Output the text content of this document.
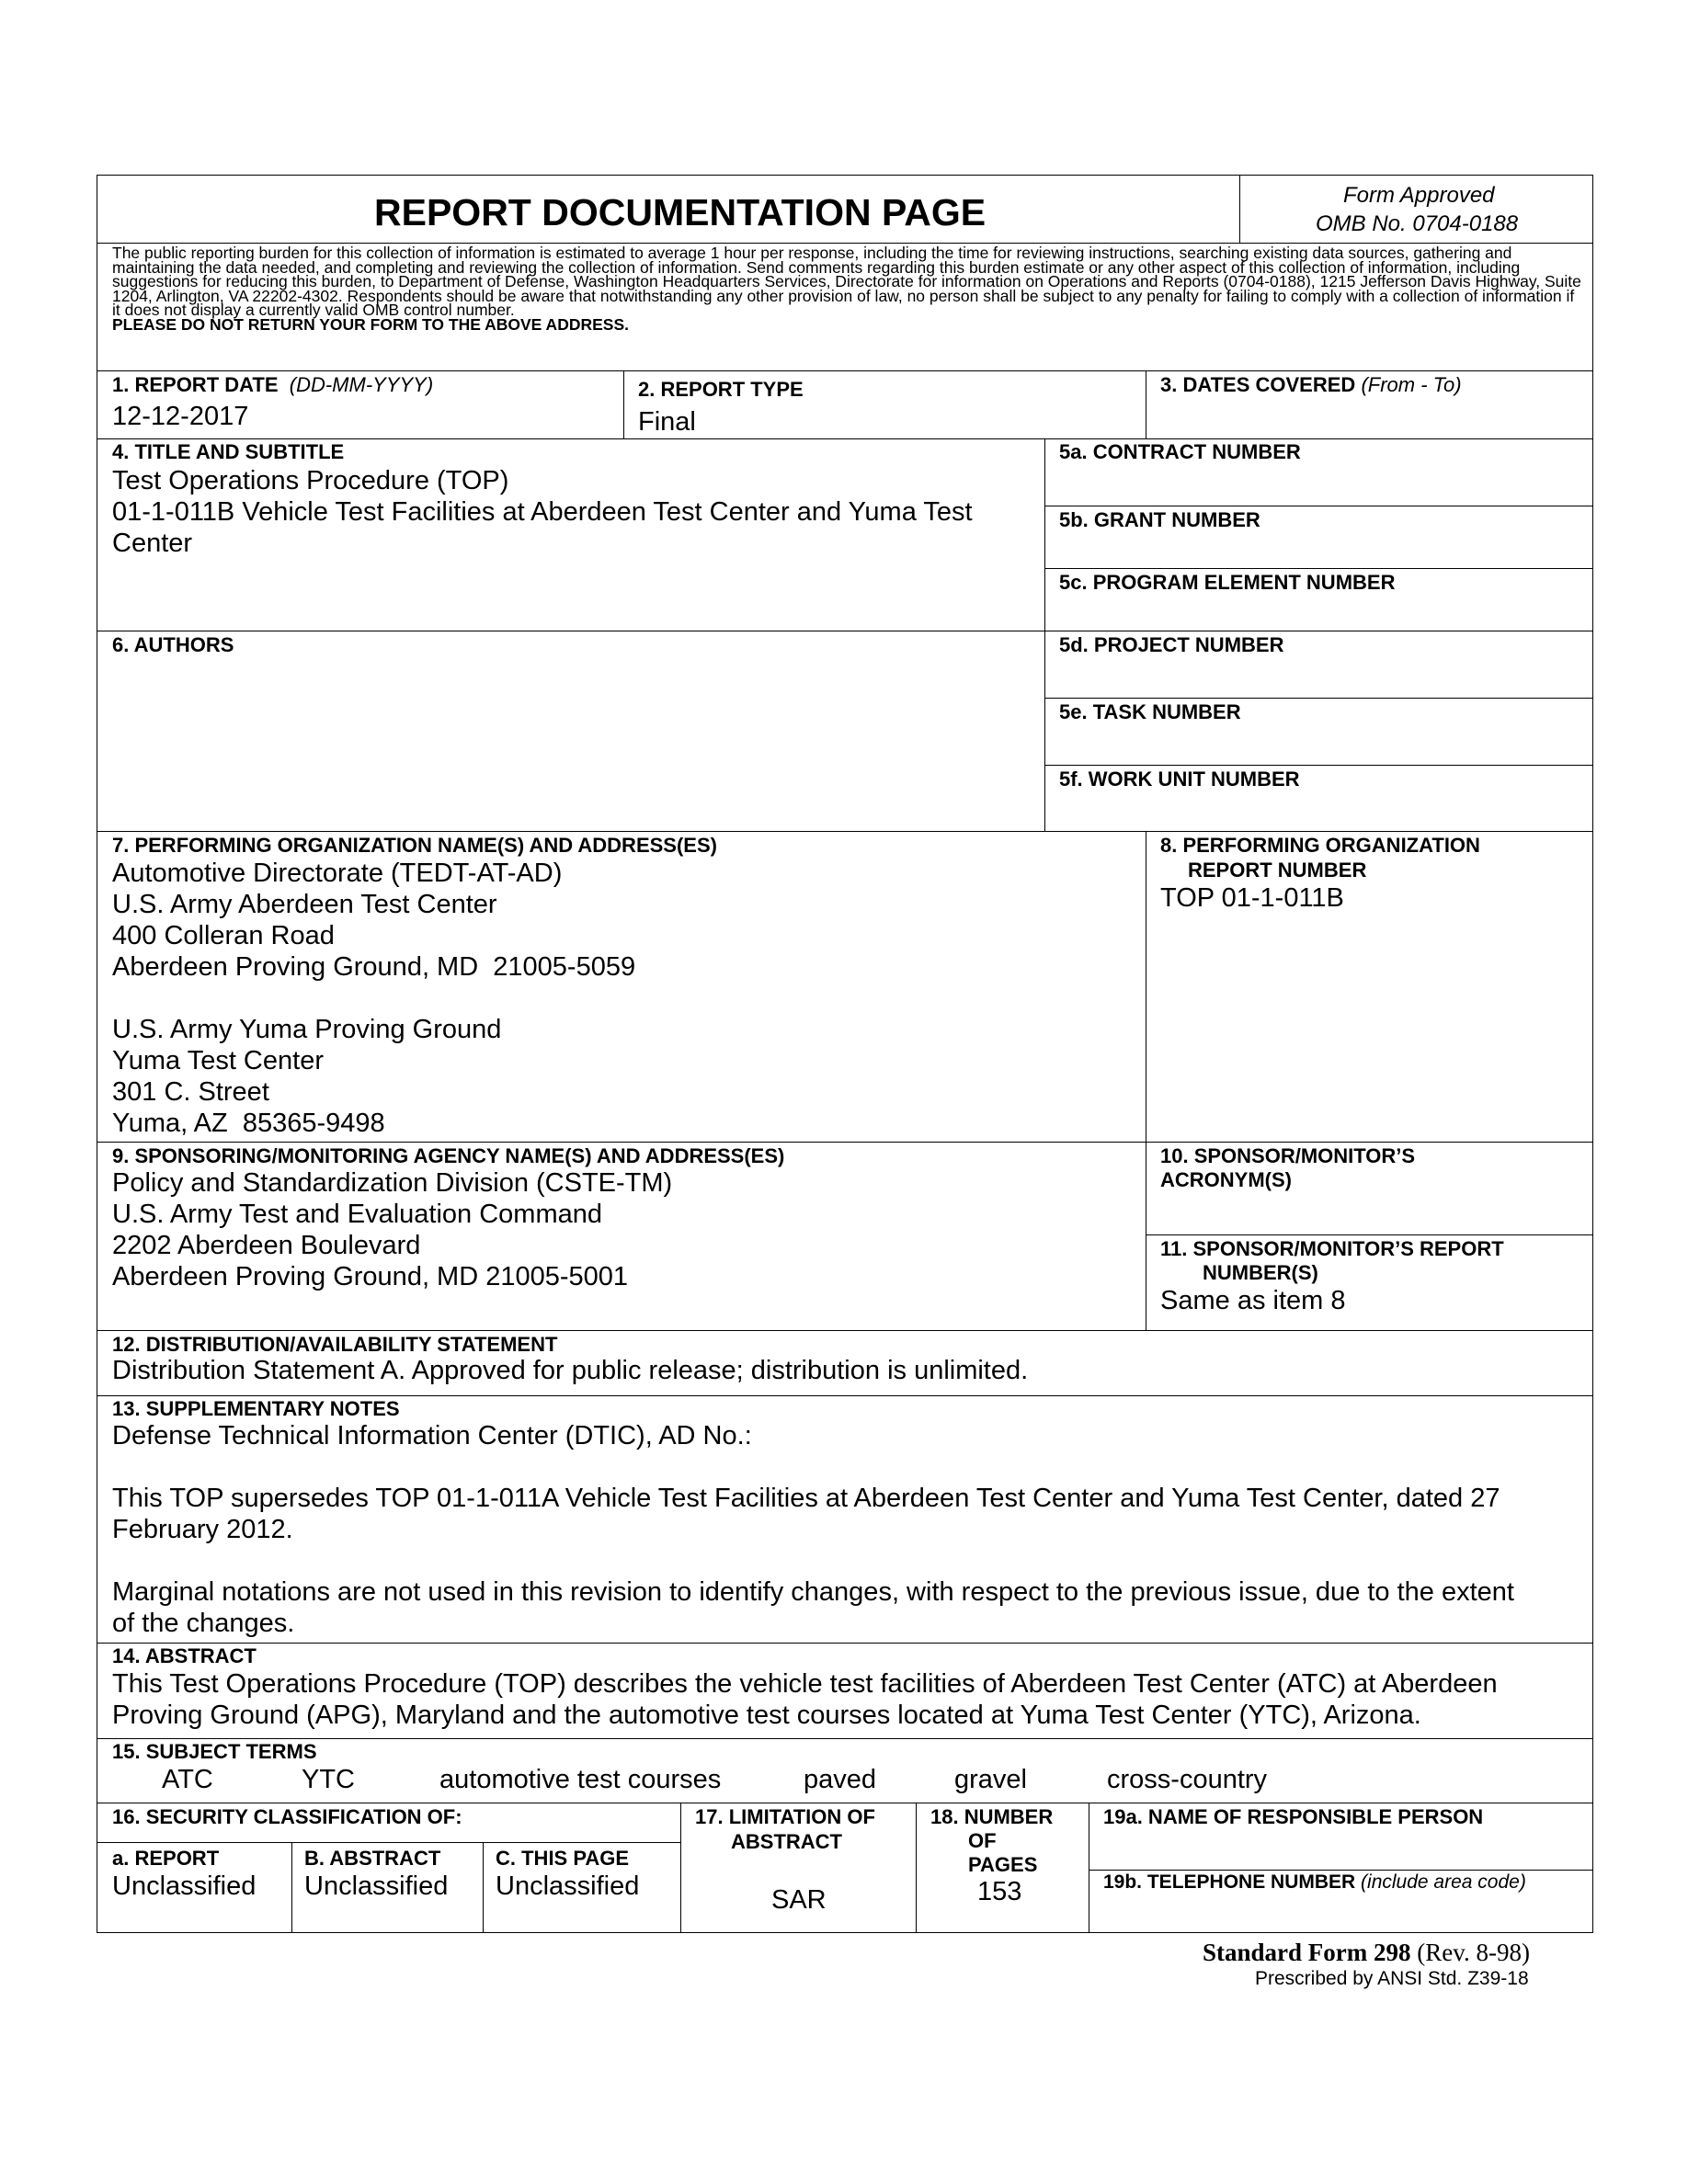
REPORT DOCUMENTATION PAGE	Form Approved
OMB No. 0704-0188
The public reporting burden for this collection of information is estimated to average 1 hour per response, including the time for reviewing instructions, searching existing data sources, gathering and maintaining the data needed, and completing and reviewing the collection of information. Send comments regarding this burden estimate or any other aspect of this collection of information, including suggestions for reducing this burden, to Department of Defense, Washington Headquarters Services, Directorate for information on Operations and Reports (0704-0188), 1215 Jefferson Davis Highway, Suite 1204, Arlington, VA 22202-4302. Respondents should be aware that notwithstanding any other provision of law, no person shall be subject to any penalty for failing to comply with a collection of information if it does not display a currently valid OMB control number.
PLEASE DO NOT RETURN YOUR FORM TO THE ABOVE ADDRESS.
1. REPORT DATE (DD-MM-YYYY)
12-12-2017
2. REPORT TYPE
Final
3. DATES COVERED (From - To)
4. TITLE AND SUBTITLE
Test Operations Procedure (TOP)
01-1-011B Vehicle Test Facilities at Aberdeen Test Center and Yuma Test
Center
5a. CONTRACT NUMBER
5b. GRANT NUMBER
5c. PROGRAM ELEMENT NUMBER
6. AUTHORS	5d. PROJECT NUMBER
5e. TASK NUMBER
5f. WORK UNIT NUMBER
7. PERFORMING ORGANIZATION NAME(S) AND ADDRESS(ES)
Automotive Directorate (TEDT-AT-AD)
U.S. Army Aberdeen Test Center
400 Colleran Road
Aberdeen Proving Ground, MD  21005-5059
U.S. Army Yuma Proving Ground
Yuma Test Center
301 C. Street
Yuma, AZ  85365-9498
8. PERFORMING ORGANIZATION
REPORT NUMBER
TOP 01-1-011B
9. SPONSORING/MONITORING AGENCY NAME(S) AND ADDRESS(ES)
Policy and Standardization Division (CSTE-TM)
U.S. Army Test and Evaluation Command
2202 Aberdeen Boulevard
Aberdeen Proving Ground, MD 21005-5001
10. SPONSOR/MONITOR’S
ACRONYM(S)
11. SPONSOR/MONITOR’S REPORT
NUMBER(S)
Same as item 8
12. DISTRIBUTION/AVAILABILITY STATEMENT
Distribution Statement A. Approved for public release; distribution is unlimited.
13. SUPPLEMENTARY NOTES
Defense Technical Information Center (DTIC), AD No.:
This TOP supersedes TOP 01-1-011A Vehicle Test Facilities at Aberdeen Test Center and Yuma Test Center, dated 27
February 2012.
Marginal notations are not used in this revision to identify changes, with respect to the previous issue, due to the extent
of the changes.
14. ABSTRACT
This Test Operations Procedure (TOP) describes the vehicle test facilities of Aberdeen Test Center (ATC) at Aberdeen
Proving Ground (APG), Maryland and the automotive test courses located at Yuma Test Center (YTC), Arizona.
15. SUBJECT TERMS
ATC	YTC	automotive test courses	paved	gravel	cross-country
16. SECURITY CLASSIFICATION OF:
a. REPORT
Unclassified
B. ABSTRACT
Unclassified
C. THIS PAGE
Unclassified
17. LIMITATION OF
ABSTRACT
SAR
18. NUMBER
OF
PAGES
153
19a. NAME OF RESPONSIBLE PERSON
19b. TELEPHONE NUMBER (include area code)
Standard Form 298 (Rev. 8-98)
Prescribed by ANSI Std. Z39-18
